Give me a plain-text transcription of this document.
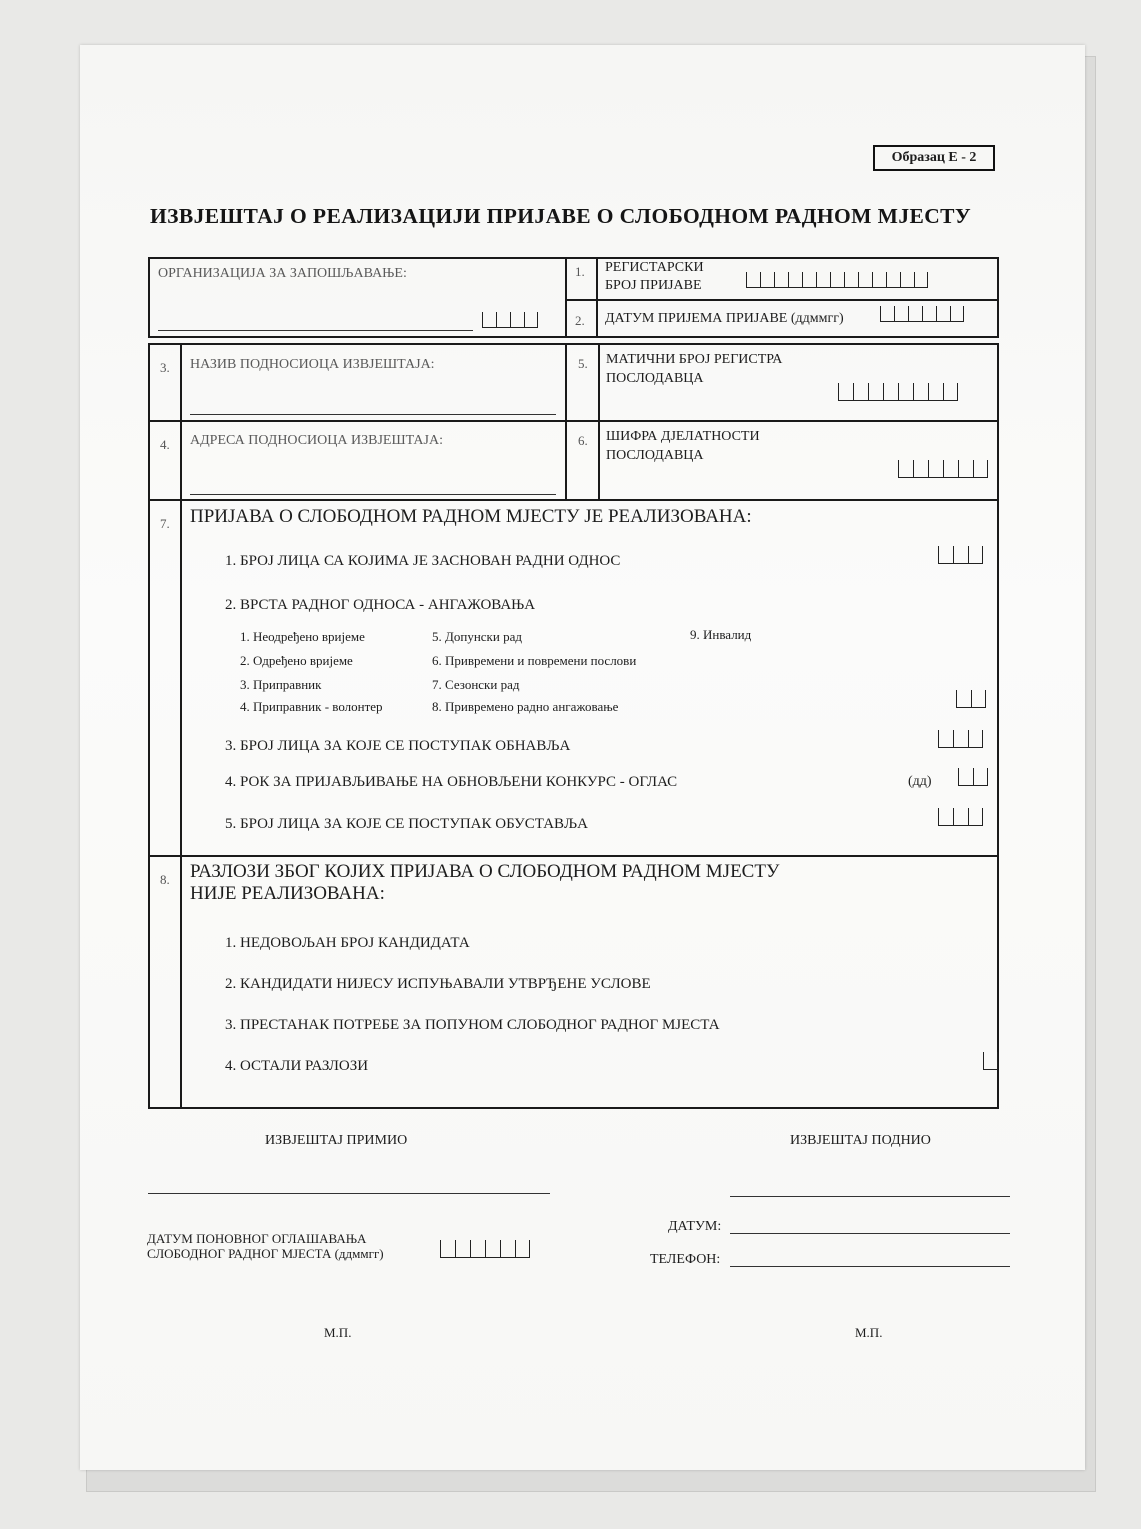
Образац Е - 2
ИЗВЈЕШТАЈ О РЕАЛИЗАЦИЈИ ПРИЈАВЕ О СЛОБОДНОМ РАДНОМ МЈЕСТУ
ОРГАНИЗАЦИЈА ЗА ЗАПОШЉАВАЊЕ:	1. РЕГИСТАРСКИ
БРОЈ ПРИЈАВЕ
2. ДАТУМ ПРИЈЕМА ПРИЈАВЕ (ддммгг)
3. НАЗИВ ПОДНОСИОЦА ИЗВЈЕШТАЈА:
4. АДРЕСА ПОДНОСИОЦА ИЗВЈЕШТАЈА:
5. МАТИЧНИ БРОЈ РЕГИСТРА
ПОСЛОДАВЦА
6. ШИФРА ДЈЕЛАТНОСТИ
ПОСЛОДАВЦА
7. ПРИЈАВА О СЛОБОДНОМ РАДНОМ МЈЕСТУ ЈЕ РЕАЛИЗОВАНА:
1. БРОЈ ЛИЦА СА КОЈИМА ЈЕ ЗАСНОВАН РАДНИ ОДНОС
2. ВРСТА РАДНОГ ОДНОСА - АНГАЖОВАЊА
1. Неодређено вријеме
2. Одређено вријеме
3. Приправник
4. Приправник - волонтер
5. Допунски рад
6. Привремени и повремени послови
7. Сезонски рад
8. Привремено радно ангажовање
9. Инвалид
3. БРОЈ ЛИЦА ЗА КОЈЕ СЕ ПОСТУПАК ОБНАВЉА
4. РОК ЗА ПРИЈАВЉИВАЊЕ НА ОБНОВЉЕНИ КОНКУРС - ОГЛАС	(дд)
5. БРОЈ ЛИЦА ЗА КОЈЕ СЕ ПОСТУПАК ОБУСТАВЉА
8. РАЗЛОЗИ ЗБОГ КОЈИХ ПРИЈАВА О СЛОБОДНОМ РАДНОМ МЈЕСТУ
НИЈЕ РЕАЛИЗОВАНА:
1. НЕДОВОЉАН БРОЈ КАНДИДАТА
2. КАНДИДАТИ НИЈЕСУ ИСПУЊАВАЛИ УТВРЂЕНЕ УСЛОВЕ
3. ПРЕСТАНАК ПОТРЕБЕ ЗА ПОПУНОМ СЛОБОДНОГ РАДНОГ МЈЕСТА
4. ОСТАЛИ РАЗЛОЗИ
ИЗВЈЕШТАЈ ПРИМИО	ИЗВЈЕШТАЈ ПОДНИО
ДАТУМ ПОНОВНОГ ОГЛАШАВАЊА
СЛОБОДНОГ РАДНОГ МЈЕСТА (ддммгг)
ДАТУМ:
ТЕЛЕФОН:
М.П.	М.П.
